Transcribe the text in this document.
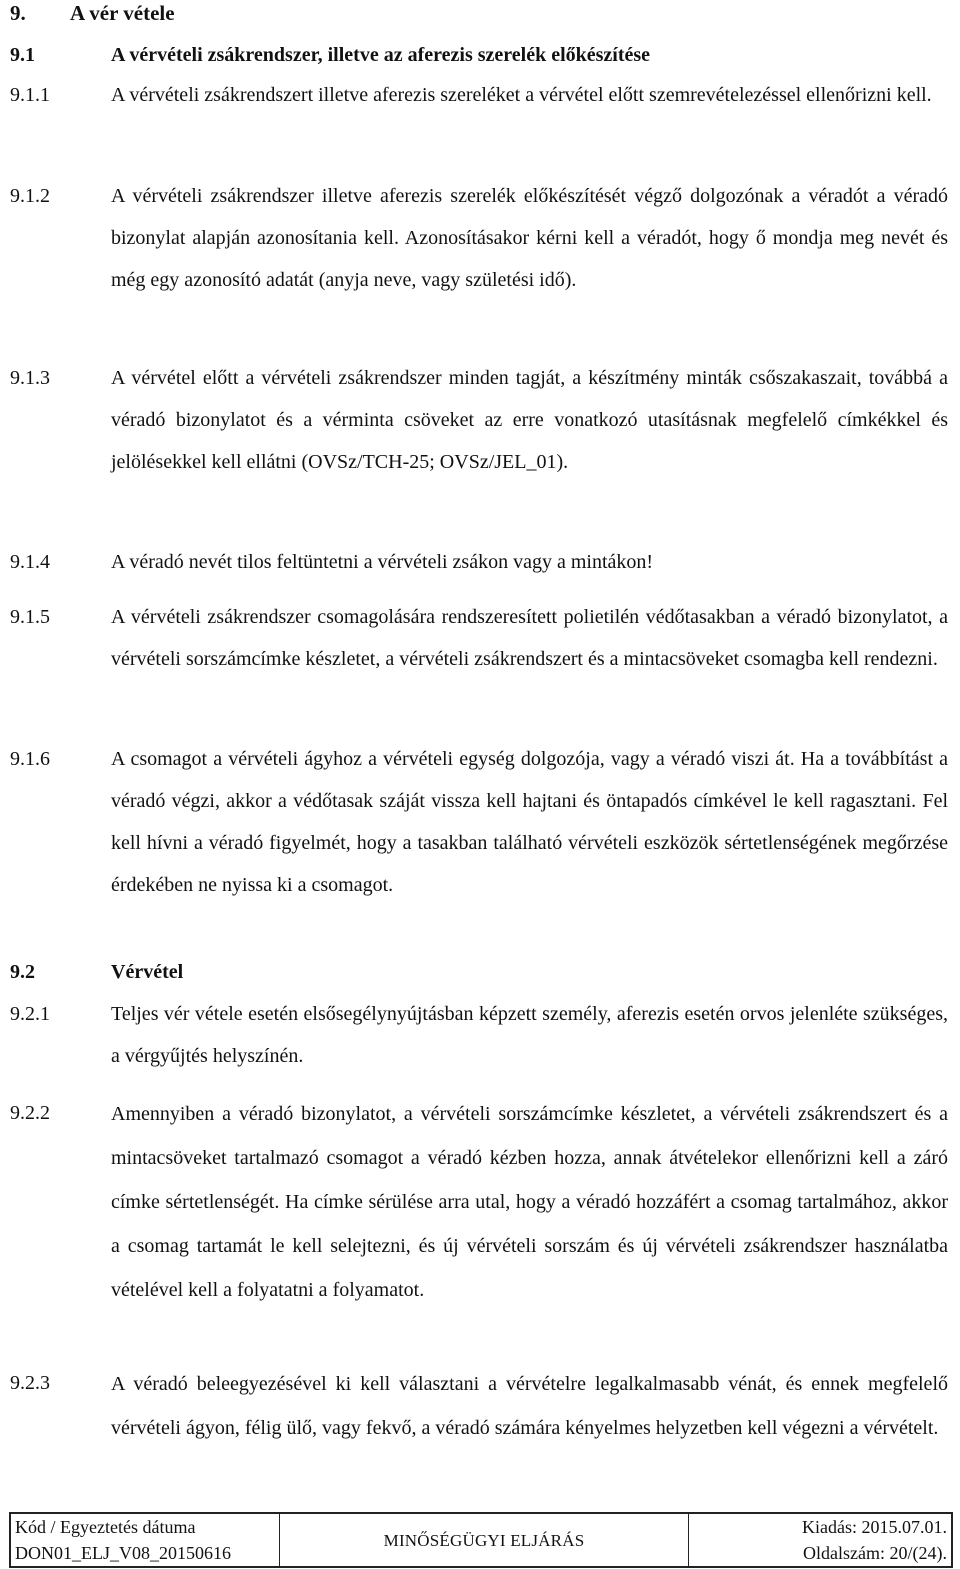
9. A vér vétele
9.1	A vérvételi zsákrendszer, illetve az aferezis szerelék előkészítése
9.1.1	A vérvételi zsákrendszert illetve aferezis szereléket a vérvétel előtt szemrevételezéssel ellenőrizni kell.
9.1.2	A vérvételi zsákrendszer illetve aferezis szerelék előkészítését végző dolgozónak a véradót a véradó bizonylat alapján azonosítania kell. Azonosításakor kérni kell a véradót, hogy ő mondja meg nevét és még egy azonosító adatát (anyja neve, vagy születési idő).
9.1.3	A vérvétel előtt a vérvételi zsákrendszer minden tagját, a készítmény minták csőszakaszait, továbbá a véradó bizonylatot és a vérminta csöveket az erre vonatkozó utasításnak megfelelő címkékkel és jelölésekkel kell ellátni (OVSz/TCH-25; OVSz/JEL_01).
9.1.4	A véradó nevét tilos feltüntetni a vérvételi zsákon vagy a mintákon!
9.1.5	A vérvételi zsákrendszer csomagolására rendszeresített polietilén védőtasakban a véradó bizonylatot, a vérvételi sorszámcímke készletet, a vérvételi zsákrendszert és a mintacsöveket csomagba kell rendezni.
9.1.6	A csomagot a vérvételi ágyhoz a vérvételi egység dolgozója, vagy a véradó viszi át. Ha a továbbítást a véradó végzi, akkor a védőtasak száját vissza kell hajtani és öntapadós címkével le kell ragasztani. Fel kell hívni a véradó figyelmét, hogy a tasakban található vérvételi eszközök sértetlenségének megőrzése érdekében ne nyissa ki a csomagot.
9.2	Vérvétel
9.2.1	Teljes vér vétele esetén elsősegélynyújtásban képzett személy, aferezis esetén orvos jelenléte szükséges, a vérgyűjtés helyszínén.
9.2.2	Amennyiben a véradó bizonylatot, a vérvételi sorszámcímke készletet, a vérvételi zsákrendszert és a mintacsöveket tartalmazó csomagot a véradó kézben hozza, annak átvételekor ellenőrizni kell a záró címke sértetlenségét. Ha címke sérülése arra utal, hogy a véradó hozzáfért a csomag tartalmához, akkor a csomag tartamát le kell selejtezni, és új vérvételi sorszám és új vérvételi zsákrendszer használatba vételével kell a folyatatni a folyamatot.
9.2.3	A véradó beleegyezésével ki kell választani a vérvételre legalkalmasabb vénát, és ennek megfelelő vérvételi ágyon, félig ülő, vagy fekvő, a véradó számára kényelmes helyzetben kell végezni a vérvételt.
Kód / Egyeztetés dátuma
DON01_ELJ_V08_20150616
	MINŐSÉGÜGYI ELJÁRÁS	
Kiadás: 2015.07.01.
Oldalszám: 20/(24).
